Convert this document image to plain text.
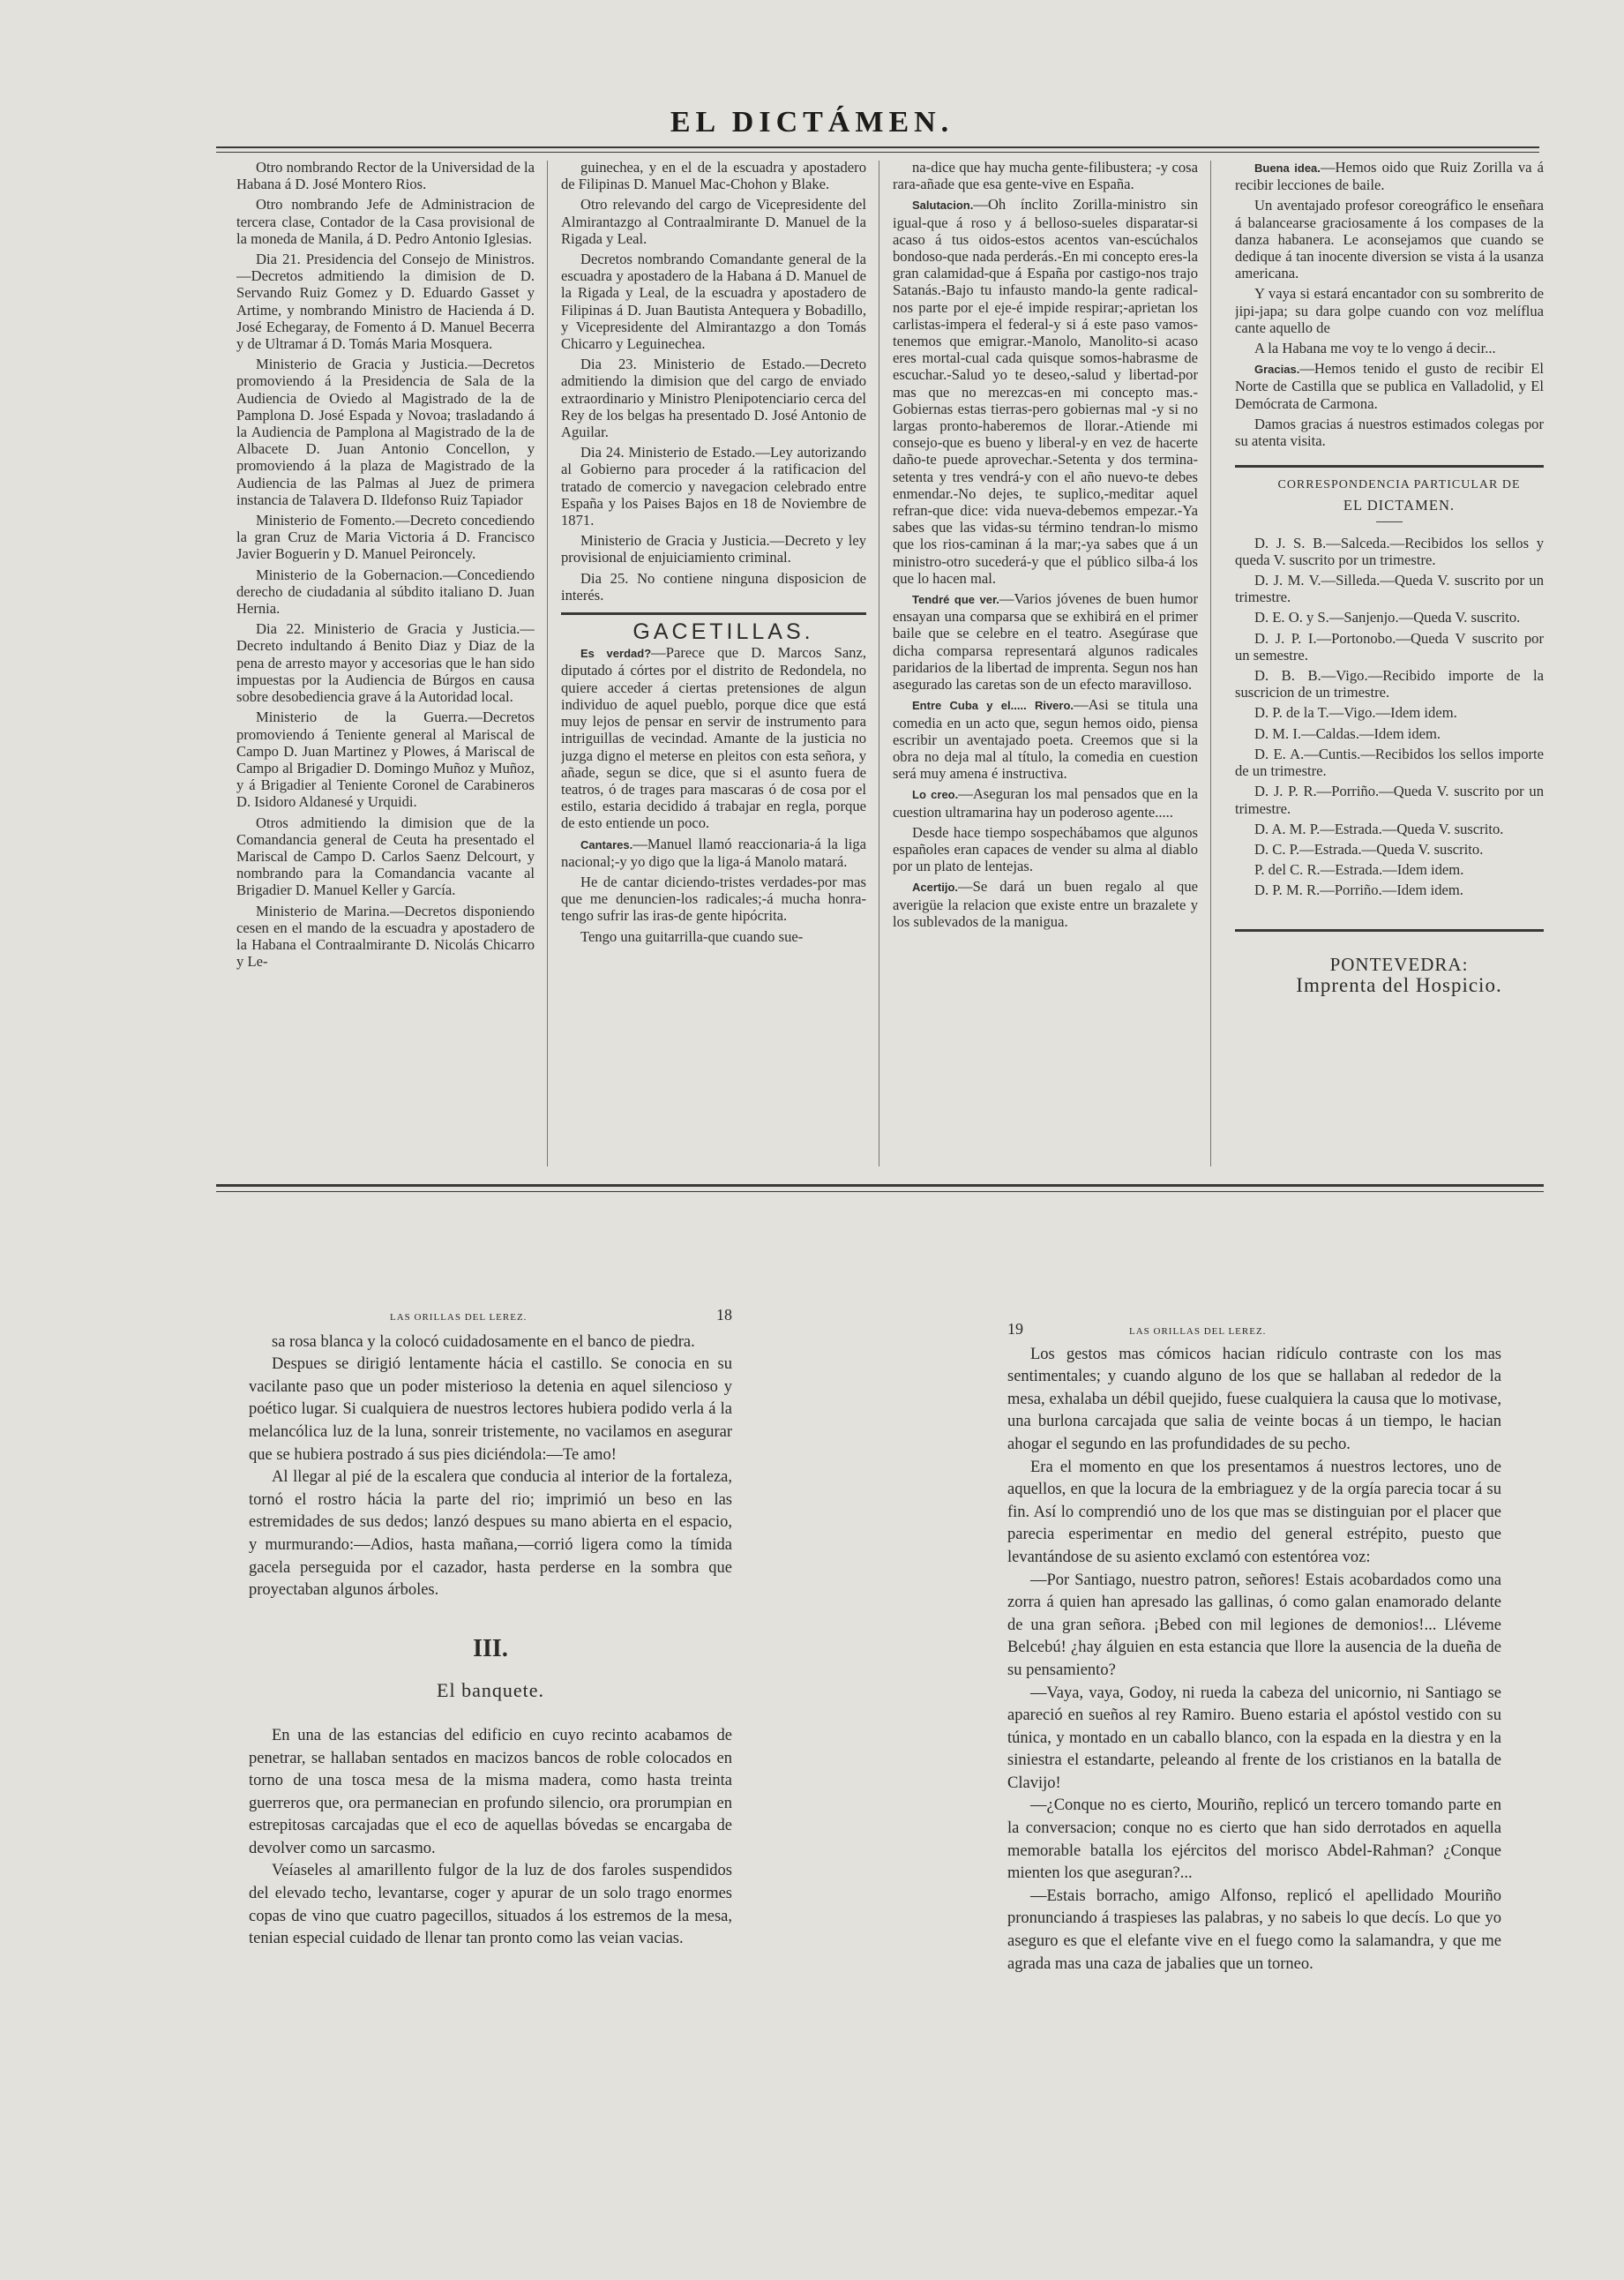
EL DICTÁMEN.

Otro nombrando Rector de la Universidad de la Habana á D. José Montero Rios.

Otro nombrando Jefe de Administracion de tercera clase, Contador de la Casa provisional de la moneda de Manila, á D. Pedro Antonio Iglesias.

Dia 21. Presidencia del Consejo de Ministros.—Decretos admitiendo la dimision de D. Servando Ruiz Gomez y D. Eduardo Gasset y Artime, y nombrando Ministro de Hacienda á D. José Echegaray, de Fomento á D. Manuel Becerra y de Ultramar á D. Tomás Maria Mosquera.

Ministerio de Gracia y Justicia.—Decretos promoviendo á la Presidencia de Sala de la Audiencia de Oviedo al Magistrado de la de Pamplona D. José Espada y Novoa; trasladando á la Audiencia de Pamplona al Magistrado de la de Albacete D. Juan Antonio Concellon, y promoviendo á la plaza de Magistrado de la Audiencia de las Palmas al Juez de primera instancia de Talavera D. Ildefonso Ruiz Tapiador

Ministerio de Fomento.—Decreto concediendo la gran Cruz de Maria Victoria á D. Francisco Javier Boguerin y D. Manuel Peironcely.

Ministerio de la Gobernacion.—Concediendo derecho de ciudadania al súbdito italiano D. Juan Hernia.

Dia 22. Ministerio de Gracia y Justicia.—Decreto indultando á Benito Diaz y Diaz de la pena de arresto mayor y accesorias que le han sido impuestas por la Audiencia de Búrgos en causa sobre desobediencia grave á la Autoridad local.

Ministerio de la Guerra.—Decretos promoviendo á Teniente general al Mariscal de Campo D. Juan Martinez y Plowes, á Mariscal de Campo al Brigadier D. Domingo Muñoz y Muñoz, y á Brigadier al Teniente Coronel de Carabineros D. Isidoro Aldanesé y Urquidi.

Otros admitiendo la dimision que de la Comandancia general de Ceuta ha presentado el Mariscal de Campo D. Carlos Saenz Delcourt, y nombrando para la Comandancia vacante al Brigadier D. Manuel Keller y García.

Ministerio de Marina.—Decretos disponiendo cesen en el mando de la escuadra y apostadero de la Habana el Contraalmirante D. Nicolás Chicarro y Le-

guinechea, y en el de la escuadra y apostadero de Filipinas D. Manuel Mac-Chohon y Blake.

Otro relevando del cargo de Vicepresidente del Almirantazgo al Contraalmirante D. Manuel de la Rigada y Leal.

Decretos nombrando Comandante general de la escuadra y apostadero de la Habana á D. Manuel de la Rigada y Leal, de la escuadra y apostadero de Filipinas á D. Juan Bautista Antequera y Bobadillo, y Vicepresidente del Almirantazgo a don Tomás Chicarro y Leguinechea.

Dia 23. Ministerio de Estado.—Decreto admitiendo la dimision que del cargo de enviado extraordinario y Ministro Plenipotenciario cerca del Rey de los belgas ha presentado D. José Antonio de Aguilar.

Dia 24. Ministerio de Estado.—Ley autorizando al Gobierno para proceder á la ratificacion del tratado de comercio y navegacion celebrado entre España y los Paises Bajos en 18 de Noviembre de 1871.

Ministerio de Gracia y Justicia.—Decreto y ley provisional de enjuiciamiento criminal.

Dia 25. No contiene ninguna disposicion de interés.

GACETILLAS.

Es verdad?—Parece que D. Marcos Sanz, diputado á córtes por el distrito de Redondela, no quiere acceder á ciertas pretensiones de algun individuo de aquel pueblo, porque dice que está muy lejos de pensar en servir de instrumento para intriguillas de vecindad. Amante de la justicia no juzga digno el meterse en pleitos con esta señora, y añade, segun se dice, que si el asunto fuera de teatros, ó de trages para mascaras ó de cosa por el estilo, estaria decidido á trabajar en regla, porque de esto entiende un poco.

Cantares.—Manuel llamó reaccionaria-á la liga nacional;-y yo digo que la liga-á Manolo matará.

He de cantar diciendo-tristes verdades-por mas que me denuncien-los radicales;-á mucha honra-tengo sufrir las iras-de gente hipócrita.

Tengo una guitarrilla-que cuando sue-

na-dice que hay mucha gente-filibustera; -y cosa rara-añade que esa gente-vive en España.

Salutacion.—Oh ínclito Zorilla-ministro sin igual-que á roso y á belloso-sueles disparatar-si acaso á tus oidos-estos acentos van-escúchalos bondoso-que nada perderás.-En mi concepto eres-la gran calamidad-que á España por castigo-nos trajo Satanás.-Bajo tu infausto mando-la gente radical-nos parte por el eje-é impide respirar;-aprietan los carlistas-impera el federal-y si á este paso vamos-tenemos que emigrar.-Manolo, Manolito-si acaso eres mortal-cual cada quisque somos-habrasme de escuchar.-Salud yo te deseo,-salud y libertad-por mas que no merezcas-en mi concepto mas.-Gobiernas estas tierras-pero gobiernas mal -y si no largas pronto-haberemos de llorar.-Atiende mi consejo-que es bueno y liberal-y en vez de hacerte daño-te puede aprovechar.-Setenta y dos termina-setenta y tres vendrá-y con el año nuevo-te debes enmendar.-No dejes, te suplico,-meditar aquel refran-que dice: vida nueva-debemos empezar.-Ya sabes que las vidas-su término tendran-lo mismo que los rios-caminan á la mar;-ya sabes que á un ministro-otro sucederá-y que el público silba-á los que lo hacen mal.

Tendré que ver.—Varios jóvenes de buen humor ensayan una comparsa que se exhibirá en el primer baile que se celebre en el teatro. Asegúrase que dicha comparsa representará algunos radicales paridarios de la libertad de imprenta. Segun nos han asegurado las caretas son de un efecto maravilloso.

Entre Cuba y el..... Rivero.—Asi se titula una comedia en un acto que, segun hemos oido, piensa escribir un aventajado poeta. Creemos que si la obra no deja mal al título, la comedia en cuestion será muy amena é instructiva.

Lo creo.—Aseguran los mal pensados que en la cuestion ultramarina hay un poderoso agente.....

Desde hace tiempo sospechábamos que algunos españoles eran capaces de vender su alma al diablo por un plato de lentejas.

Acertijo.—Se dará un buen regalo al que averigüe la relacion que existe entre un brazalete y los sublevados de la manigua.

Buena idea.—Hemos oido que Ruiz Zorilla va á recibir lecciones de baile.

Un aventajado profesor coreográfico le enseñara á balancearse graciosamente á los compases de la danza habanera. Le aconsejamos que cuando se dedique á tan inocente diversion se vista á la usanza americana.

Y vaya si estará encantador con su sombrerito de jipi-japa; su dara golpe cuando con voz melíflua cante aquello de

A la Habana me voy te lo vengo á decir...

Gracias.—Hemos tenido el gusto de recibir El Norte de Castilla que se publica en Valladolid, y El Demócrata de Carmona.

Damos gracias á nuestros estimados colegas por su atenta visita.

CORRESPONDENCIA PARTICULAR DE

EL DICTAMEN.

D. J. S. B.—Salceda.—Recibidos los sellos y queda V. suscrito por un trimestre.

D. J. M. V.—Silleda.—Queda V. suscrito por un trimestre.

D. E. O. y S.—Sanjenjo.—Queda V. suscrito.

D. J. P. I.—Portonobo.—Queda V suscrito por un semestre.

D. B. B.—Vigo.—Recibido importe de la suscricion de un trimestre.

D. P. de la T.—Vigo.—Idem idem.

D. M. I.—Caldas.—Idem idem.

D. E. A.—Cuntis.—Recibidos los sellos importe de un trimestre.

D. J. P. R.—Porriño.—Queda V. suscrito por un trimestre.

D. A. M. P.—Estrada.—Queda V. suscrito.

D. C. P.—Estrada.—Queda V. suscrito.

P. del C. R.—Estrada.—Idem idem.

D. P. M. R.—Porriño.—Idem idem.

PONTEVEDRA:

Imprenta del Hospicio.

LAS ORILLAS DEL LEREZ.	18

sa rosa blanca y la colocó cuidadosamente en el banco de piedra.

Despues se dirigió lentamente hácia el castillo. Se conocia en su vacilante paso que un poder misterioso la detenia en aquel silencioso y poético lugar. Si cualquiera de nuestros lectores hubiera podido verla á la melancólica luz de la luna, sonreir tristemente, no vacilamos en asegurar que se hubiera postrado á sus pies diciéndola:—Te amo!

Al llegar al pié de la escalera que conducia al interior de la fortaleza, tornó el rostro hácia la parte del rio; imprimió un beso en las estremidades de sus dedos; lanzó despues su mano abierta en el espacio, y murmurando:—Adios, hasta mañana,—corrió ligera como la tímida gacela perseguida por el cazador, hasta perderse en la sombra que proyectaban algunos árboles.

III.

El banquete.

En una de las estancias del edificio en cuyo recinto acabamos de penetrar, se hallaban sentados en macizos bancos de roble colocados en torno de una tosca mesa de la misma madera, como hasta treinta guerreros que, ora permanecian en profundo silencio, ora prorumpian en estrepitosas carcajadas que el eco de aquellas bóvedas se encargaba de devolver como un sarcasmo.

Veíaseles al amarillento fulgor de la luz de dos faroles suspendidos del elevado techo, levantarse, coger y apurar de un solo trago enormes copas de vino que cuatro pagecillos, situados á los estremos de la mesa, tenian especial cuidado de llenar tan pronto como las veian vacias.

19	LAS ORILLAS DEL LEREZ.

Los gestos mas cómicos hacian ridículo contraste con los mas sentimentales; y cuando alguno de los que se hallaban al rededor de la mesa, exhalaba un débil quejido, fuese cualquiera la causa que lo motivase, una burlona carcajada que salia de veinte bocas á un tiempo, le hacian ahogar el segundo en las profundidades de su pecho.

Era el momento en que los presentamos á nuestros lectores, uno de aquellos, en que la locura de la embriaguez y de la orgía parecia tocar á su fin. Así lo comprendió uno de los que mas se distinguian por el placer que parecia esperimentar en medio del general estrépito, puesto que levantándose de su asiento exclamó con estentórea voz:

—Por Santiago, nuestro patron, señores! Estais acobardados como una zorra á quien han apresado las gallinas, ó como galan enamorado delante de una gran señora. ¡Bebed con mil legiones de demonios!... Lléveme Belcebú! ¿hay álguien en esta estancia que llore la ausencia de la dueña de su pensamiento?

—Vaya, vaya, Godoy, ni rueda la cabeza del unicornio, ni Santiago se apareció en sueños al rey Ramiro. Bueno estaria el apóstol vestido con su túnica, y montado en un caballo blanco, con la espada en la diestra y en la siniestra el estandarte, peleando al frente de los cristianos en la batalla de Clavijo!

—¿Conque no es cierto, Mouriño, replicó un tercero tomando parte en la conversacion; conque no es cierto que han sido derrotados en aquella memorable batalla los ejércitos del morisco Abdel-Rahman? ¿Conque mienten los que aseguran?...

—Estais borracho, amigo Alfonso, replicó el apellidado Mouriño pronunciando á traspieses las palabras, y no sabeis lo que decís. Lo que yo aseguro es que el elefante vive en el fuego como la salamandra, y que me agrada mas una caza de jabalies que un torneo.
